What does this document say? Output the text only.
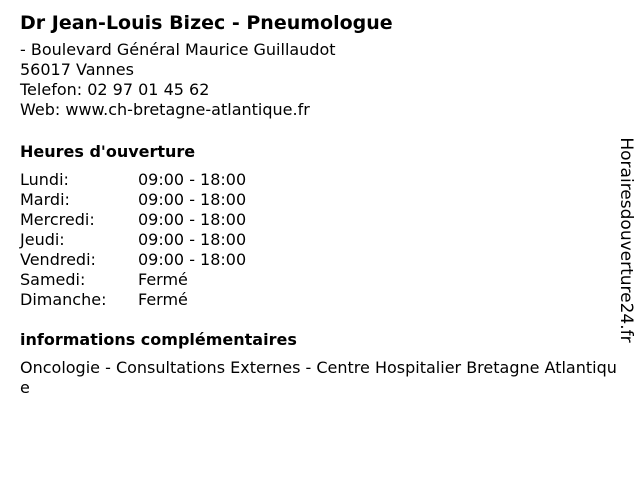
Dr Jean-Louis Bizec - Pneumologue
- Boulevard Général Maurice Guillaudot
56017 Vannes
Telefon: 02 97 01 45 62
Web: www.ch-bretagne-atlantique.fr
Heures d'ouverture
Lundi:	09:00 - 18:00
Mardi:	09:00 - 18:00
Mercredi:	09:00 - 18:00
Jeudi:	09:00 - 18:00
Vendredi:	09:00 - 18:00
Samedi:	Fermé
Dimanche:	Fermé
informations complémentaires
Oncologie - Consultations Externes - Centre Hospitalier Bretagne Atlantique
Horairesdouverture24.fr
